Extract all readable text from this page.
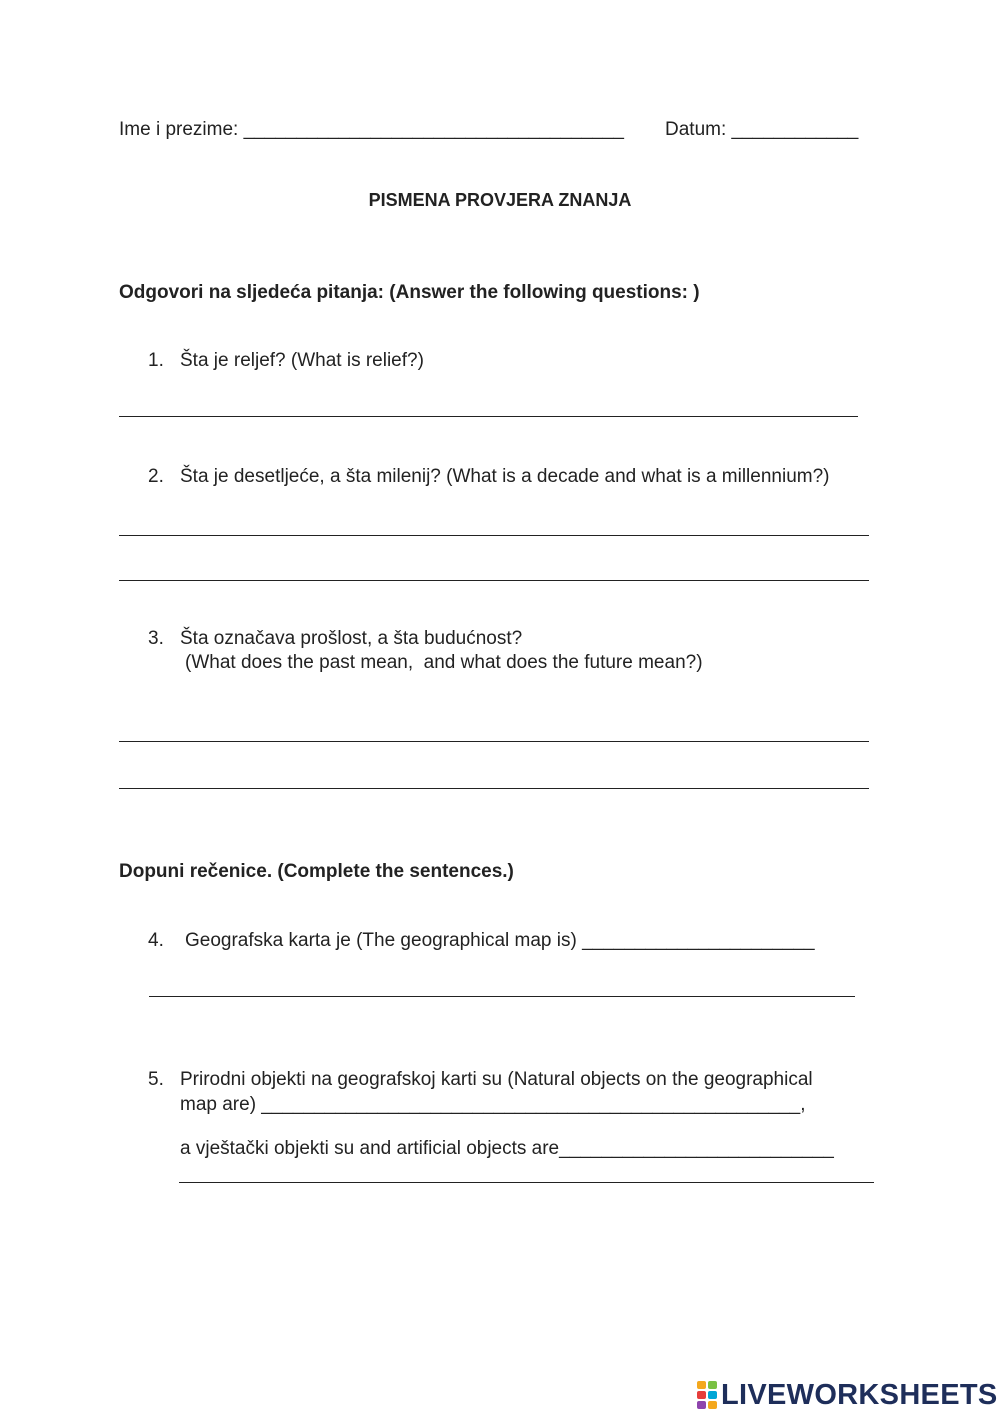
Ime i prezime: ____________________________________ Datum: ____________
PISMENA PROVJERA ZNANJA
Odgovori na sljedeća pitanja: (Answer the following questions: )
1. Šta je reljef? (What is relief?)
2. Šta je desetljeće, a šta milenij? (What is a decade and what is a millennium?)
3. Šta označava prošlost, a šta budućnost?
(What does the past mean,  and what does the future mean?)
Dopuni rečenice. (Complete the sentences.)
4. Geografska karta je (The geographical map is) ______________________
5. Prirodni objekti na geografskoj karti su (Natural objects on the geographical
map are) ___________________________________________________,
a vještački objekti su and artificial objects are__________________________
LIVEWORKSHEETS
